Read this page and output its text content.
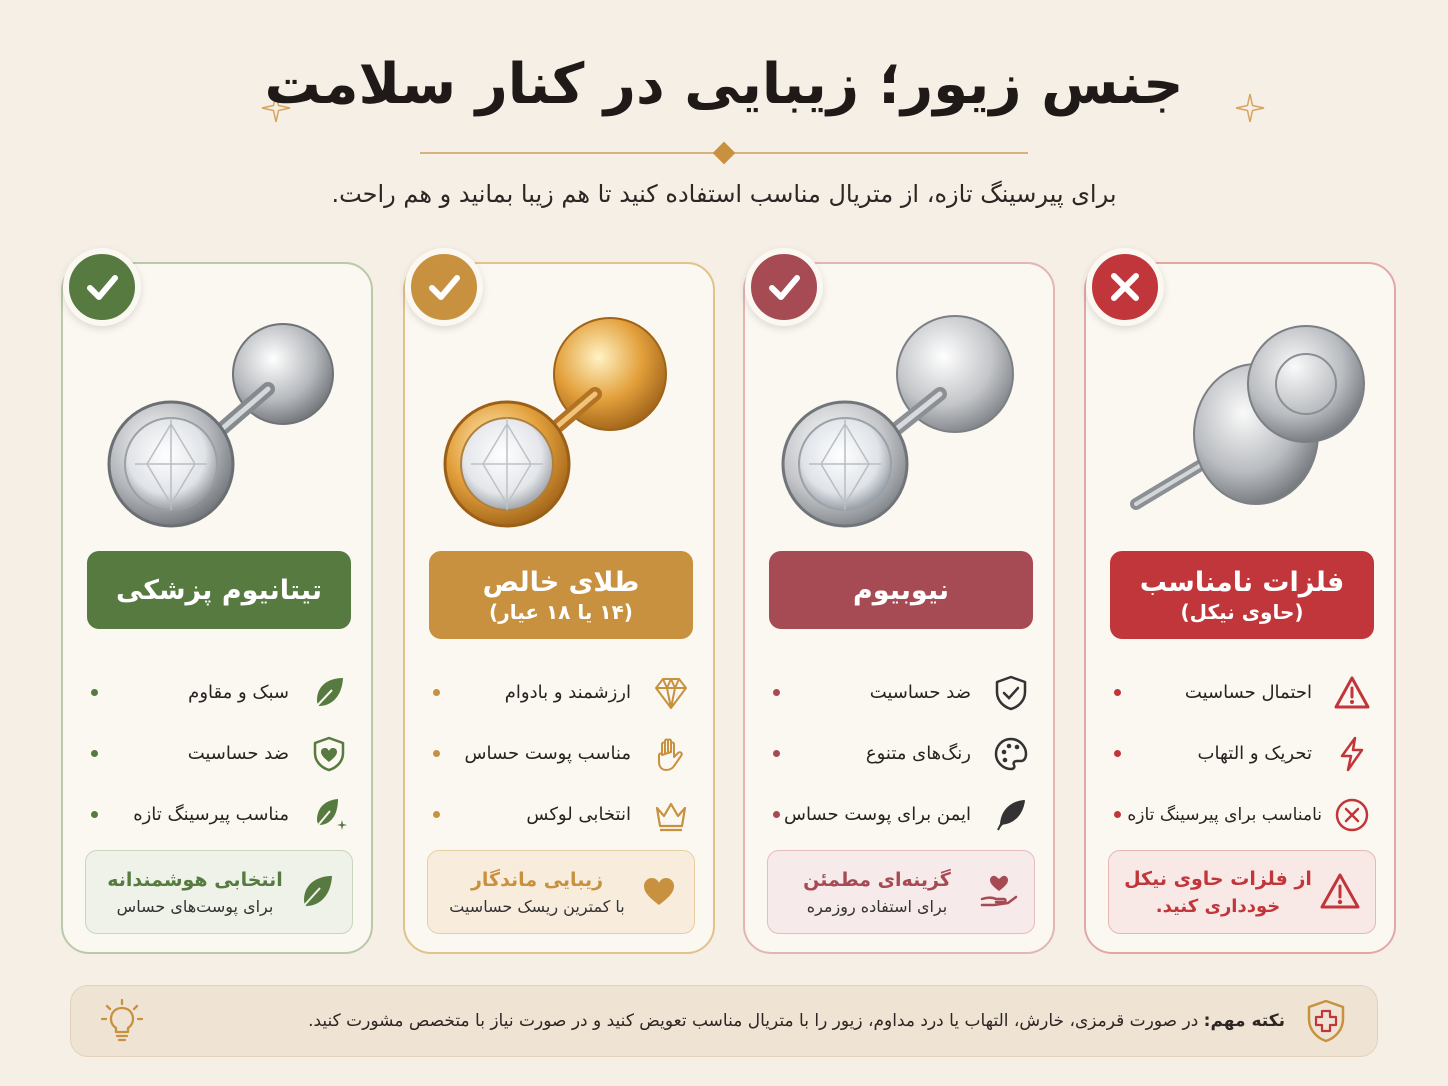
جنس زیور؛ زیبایی در کنار سلامت

برای پیرسینگ تازه، از متریال مناسب استفاده کنید تا هم زیبا بمانید و هم راحت.

فلزات نامناسب
(حاوی نیکل)
احتمال حساسیت
تحریک و التهاب
نامناسب برای پیرسینگ تازه
از فلزات حاوی نیکل
خودداری کنید.
نیوبیوم
ضد حساسیت
رنگ‌های متنوع
ایمن برای پوست حساس
گزینه‌ای مطمئن
برای استفاده روزمره
طلای خالص
(۱۴ یا ۱۸ عیار)
ارزشمند و بادوام
مناسب پوست حساس
انتخابی لوکس
زیبایی ماندگار
با کمترین ریسک حساسیت
تیتانیوم پزشکی
سبک و مقاوم
ضد حساسیت
مناسب پیرسینگ تازه
انتخابی هوشمندانه
برای پوست‌های حساس

نکته مهم: در صورت قرمزی، خارش، التهاب یا درد مداوم، زیور را با متریال مناسب تعویض کنید و در صورت نیاز با متخصص مشورت کنید.
